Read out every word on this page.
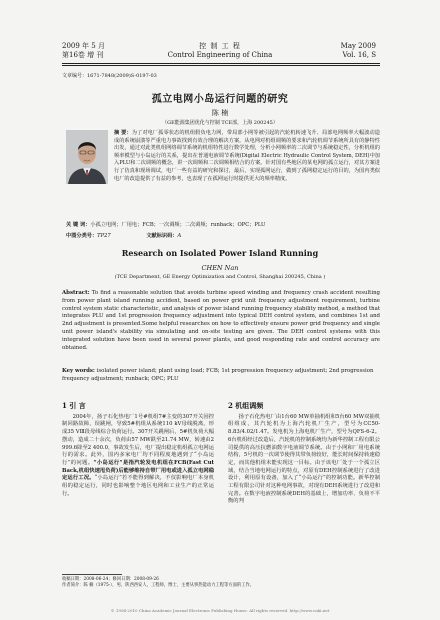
2009 年 5 月
第16卷 增 刊
控 制 工 程
Control Engineering of China
May 2009
Vol. 16, S
文章编号：1671-7848(2009)S-0197-03
孤立电网小岛运行问题的研究
陈 楠
（GE能源集团优化与控制 TCE部，上海 200245）
摘 要：为了对电厂孤零状态的机组假负电力网，带局部小网等被引起的汽轮机转速飞升、局部电网频率大幅波动造成的系统崩溃等严重电力事故找到有效合理的解决方案。从电网对机组调频的要求和汽轮机调节系统所具有的静特性出发，通过对此类机组网络调节系统的机组特性进行数学处理，分析小网频率的二次调节与系统稳定性，分析机组的频率模型与小岛运行的关系，提出在普通电液调节系统(Digital Electric Hydraulic Control System, DEH)中加入PLU和二次调频的概念，讲一次调频和二次调频相结合的方案。针对国有些地区的某电网的孤立运行，对其方案进行了仿真和现场调试，电厂一些有益的研究和探讨，最后，实现孤网运行，做到了孤网稳定运行的目的，为国内类似电厂的改造提供了有益的参考，也表现了在孤网运行时提供更大的频率精度。
关 键 词：小孤立电网；厂用电；FCB；一次调频；二次调频；runback；OPC；PLU
中图分类号：TP27	文献标识码：A
Research on Isolated Power Island Running
CHEN Nan
(TCE Department, GE Energy Optimization and Control, Shanghai 200245, China )
Abstract: To find a reasonable solution that avoids turbine speed winding and frequency crash accident resulting from power plant island running accident, based on power grid unit frequency adjustment requirement, turbine control system static characteristic, and analysis of power island running frequency stability method, a method that integrates PLU and 1st progression frequency adjustment into typical DEH control system, and combines 1st and 2nd adjustment is presented.Some helpful researches on how to effectively ensure power grid frequency and single unit power island's stability via simulating and on-site testing are given. The DEH control systems with this integrated solution have been used in several power plants, and good responding rate and control accuracy are obtained.
Key words: isolated power island; plant using load; FCB; 1st progression frequency adjustment; 2nd progression frequency adjustment; runback; OPC; PLU
1 引 言

2004年，扬子石化热电厂1号#机组7#主变的307开关因控制回路故障，误跳闸，导致5#机组从系统110 kV母线脱离，形成35 VⅢ段母线综合负荷运行。307开关跳闸后，5#机负荷大幅摆动，造成二十余次，负荷由57 MW跌至21.74 MW，转速由2 999.6降至2 400.0，事故发生后，电厂提出稳定机组孤立电网运行的需求。此外，国内多家电厂均不同程度地遇到了“小岛运行”的问题。“小岛运行”是指汽轮发电机组在FCB(Fast Cut Back,机组快速甩负荷)后能够维持自带厂用电或进入孤立电网稳定运行工况。“小岛运行”若不能得到解决，不仅影响电厂本身机组的稳定运行，同时也影响整个地区电网和工业生产的正常运行。

2 机组调频

扬子石化热电厂由1台60 MW单抽机组和5台60 MW双抽机组组成，其汽轮机为上海汽轮机厂生产，型号为CC50-8.83/4.02/1.47。发电机为上海电机厂生产，型号为QFS-6-2。6台机组经过改造后，汽轮机的控制系统均为新华控制工程有限公司提供的高压抗燃油数字电液调节系统。由于小网和厂用电系统结构，5号机的一次调节使得其带负荷较好，能长时间保持转速稳定，而其他机组未能实现这一目标。由于该电厂处于一个孤立区域，结合当地电网运行的特点，对原有DEH控制系统进行了改进设计，利用原有设备，加入了“小岛运行”的控制功能。新华控制工程有限公司针对这种电网事故，对现有DEH系统进行了改进和完善。在数字电液控制系统DEH的基础上，增加功率、负荷不平衡的判

收稿日期：2008-06-24；修回日期：2008-09-26
作者简介：陈 楠（1975-），男，陕西西安人，工程师，博士，主要从事热能动力工程等方面的工作。
© 1994-2010 China Academic Journal Electronic Publishing House. All rights reserved. http://www.cnki.net
